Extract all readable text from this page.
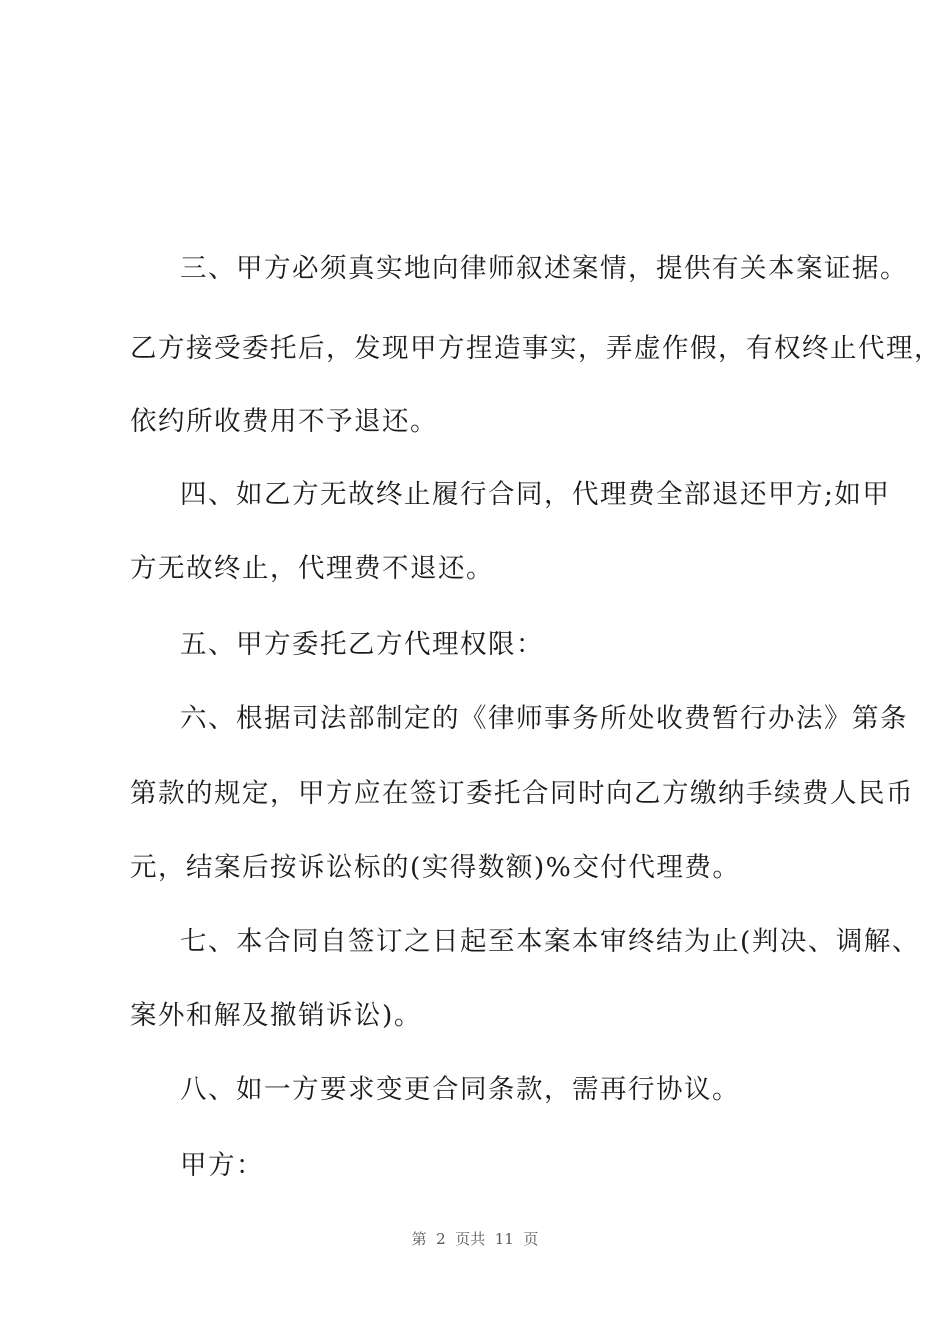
三、甲方必须真实地向律师叙述案情，提供有关本案证据。
乙方接受委托后，发现甲方捏造事实，弄虚作假，有权终止代理，
依约所收费用不予退还。
四、如乙方无故终止履行合同，代理费全部退还甲方;如甲
方无故终止，代理费不退还。
五、甲方委托乙方代理权限：
六、根据司法部制定的《律师事务所处收费暂行办法》第条
第款的规定，甲方应在签订委托合同时向乙方缴纳手续费人民币
元，结案后按诉讼标的(实得数额)%交付代理费。
七、本合同自签订之日起至本案本审终结为止(判决、调解、
案外和解及撤销诉讼)。
八、如一方要求变更合同条款，需再行协议。
甲方：
第  2  页共  11  页
